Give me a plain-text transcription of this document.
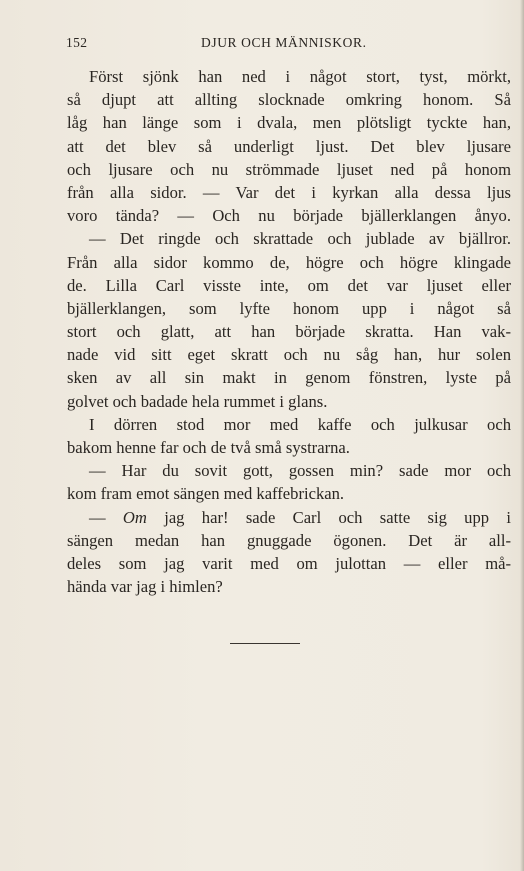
152	DJUR OCH MÄNNISKOR.
Först sjönk han ned i något stort, tyst, mörkt,
så djupt att allting slocknade omkring honom. Så
låg han länge som i dvala, men plötsligt tyckte han,
att det blev så underligt ljust. Det blev ljusare
och ljusare och nu strömmade ljuset ned på honom
från alla sidor. — Var det i kyrkan alla dessa ljus
voro tända? — Och nu började bjällerklangen ånyo.
— Det ringde och skrattade och jublade av bjällror.
Från alla sidor kommo de, högre och högre klingade
de. Lilla Carl visste inte, om det var ljuset eller
bjällerklangen, som lyfte honom upp i något så
stort och glatt, att han började skratta. Han vak-
nade vid sitt eget skratt och nu såg han, hur solen
sken av all sin makt in genom fönstren, lyste på
golvet och badade hela rummet i glans.
I dörren stod mor med kaffe och julkusar och
bakom henne far och de två små systrarna.
— Har du sovit gott, gossen min? sade mor och
kom fram emot sängen med kaffebrickan.
— Om jag har! sade Carl och satte sig upp i
sängen medan han gnuggade ögonen. Det är all-
deles som jag varit med om julottan — eller må-
hända var jag i himlen?
